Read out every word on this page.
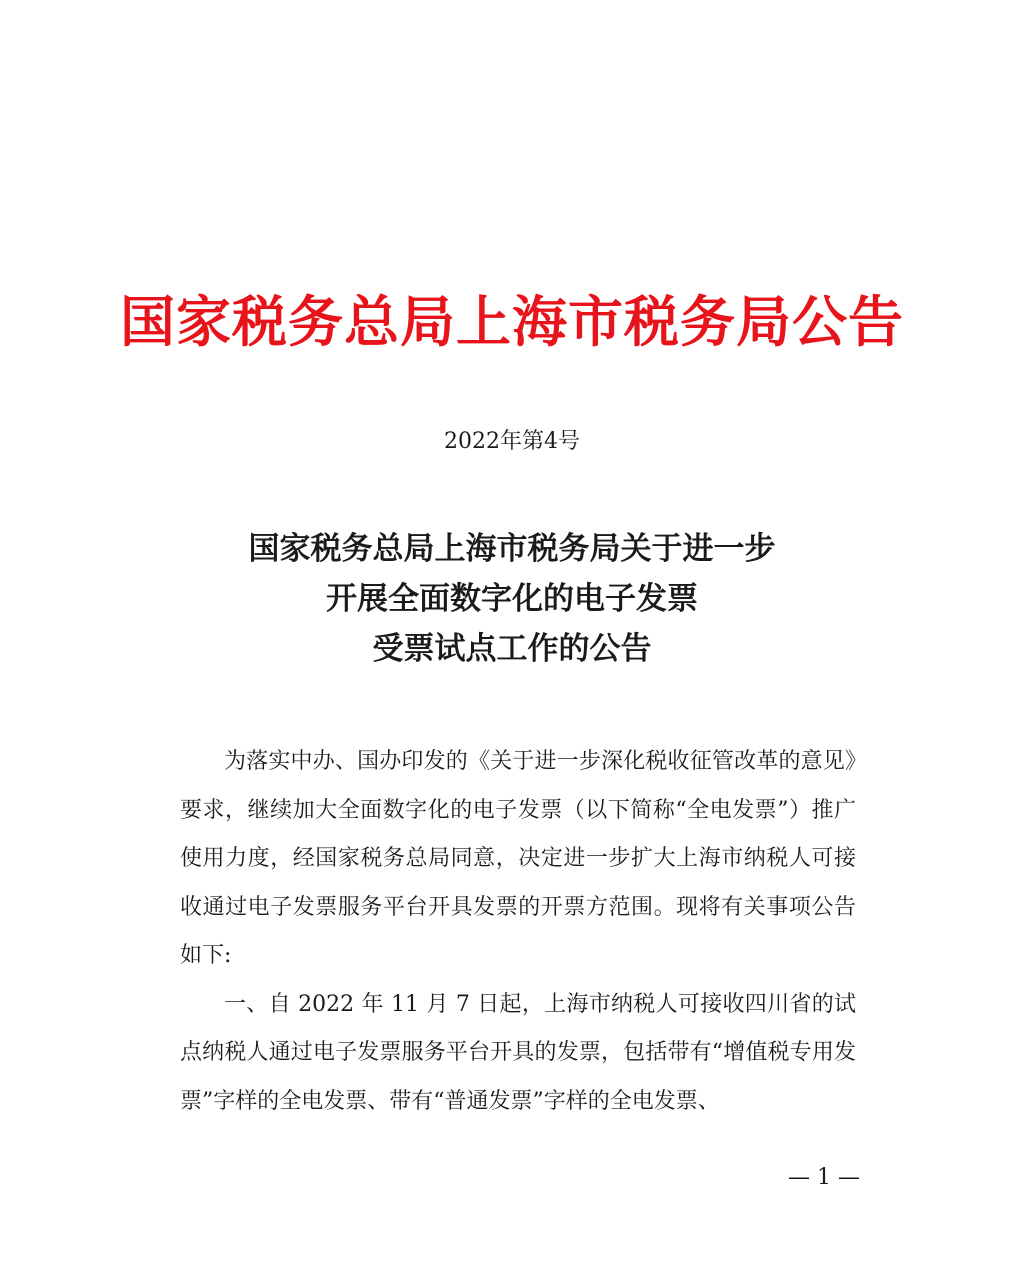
国家税务总局上海市税务局公告
2022年第4号
国家税务总局上海市税务局关于进一步
开展全面数字化的电子发票
受票试点工作的公告

为落实中办、国办印发的《关于进一步深化税收征管改革的意见》要求，继续加大全面数字化的电子发票（以下简称“全电发票”）推广使用力度，经国家税务总局同意，决定进一步扩大上海市纳税人可接收通过电子发票服务平台开具发票的开票方范围。现将有关事项公告如下:

一、自 2022 年 11 月 7 日起，上海市纳税人可接收四川省的试点纳税人通过电子发票服务平台开具的发票，包括带有“增值税专用发票”字样的全电发票、带有“普通发票”字样的全电发票、

— 1 —
